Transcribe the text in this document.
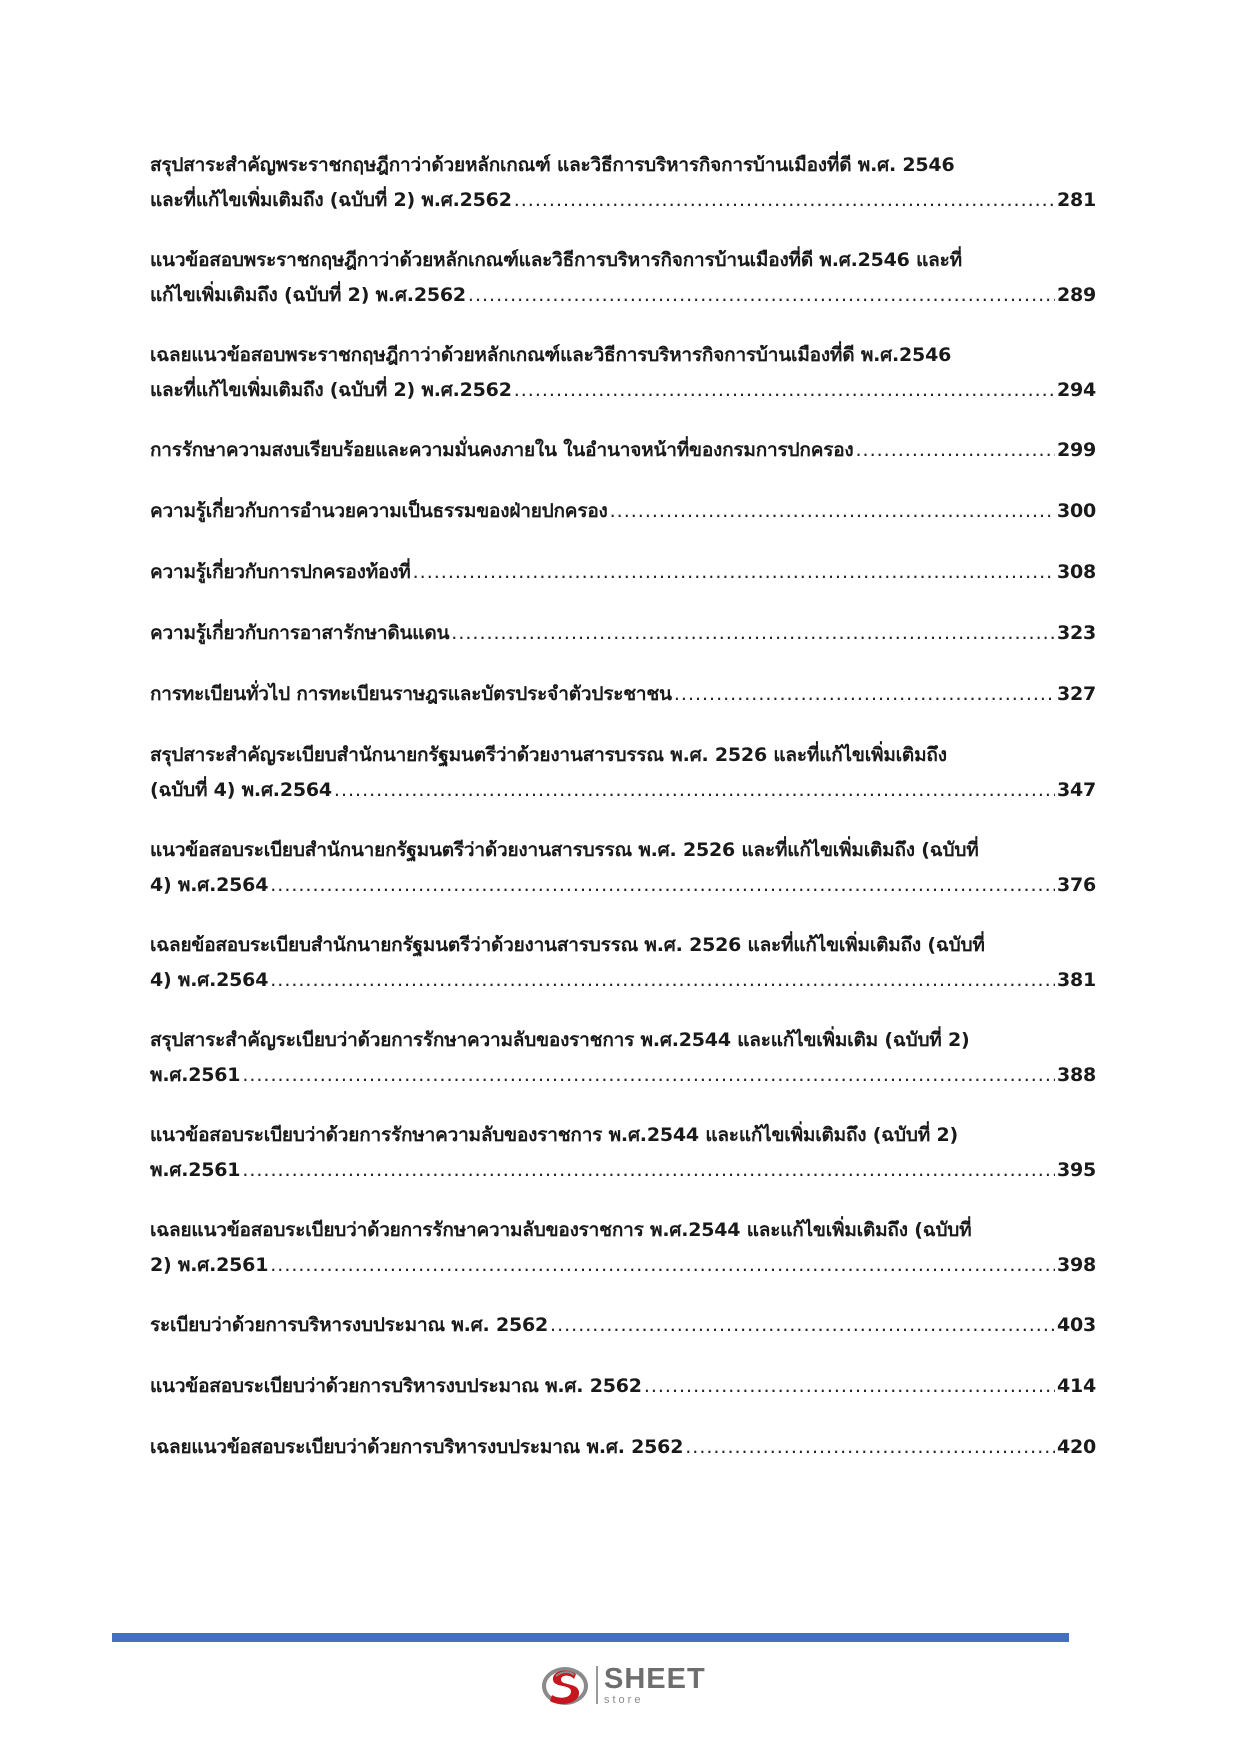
สรุปสาระสำคัญพระราชกฤษฎีกาว่าด้วยหลักเกณฑ์ และวิธีการบริหารกิจการบ้านเมืองที่ดี พ.ศ. 2546
และที่แก้ไขเพิ่มเติมถึง (ฉบับที่ 2) พ.ศ.2562 .....	281
แนวข้อสอบพระราชกฤษฎีกาว่าด้วยหลักเกณฑ์และวิธีการบริหารกิจการบ้านเมืองที่ดี พ.ศ.2546 และที่
แก้ไขเพิ่มเติมถึง (ฉบับที่ 2) พ.ศ.2562 .....	289
เฉลยแนวข้อสอบพระราชกฤษฎีกาว่าด้วยหลักเกณฑ์และวิธีการบริหารกิจการบ้านเมืองที่ดี พ.ศ.2546
และที่แก้ไขเพิ่มเติมถึง (ฉบับที่ 2) พ.ศ.2562 .....	294
การรักษาความสงบเรียบร้อยและความมั่นคงภายใน ในอำนาจหน้าที่ของกรมการปกครอง .....	299
ความรู้เกี่ยวกับการอำนวยความเป็นธรรมของฝ่ายปกครอง .....	300
ความรู้เกี่ยวกับการปกครองท้องที่ .....	308
ความรู้เกี่ยวกับการอาสารักษาดินแดน .....	323
การทะเบียนทั่วไป การทะเบียนราษฎรและบัตรประจำตัวประชาชน .....	327
สรุปสาระสำคัญระเบียบสำนักนายกรัฐมนตรีว่าด้วยงานสารบรรณ พ.ศ. 2526 และที่แก้ไขเพิ่มเติมถึง
(ฉบับที่ 4) พ.ศ.2564 .....	347
แนวข้อสอบระเบียบสำนักนายกรัฐมนตรีว่าด้วยงานสารบรรณ พ.ศ. 2526 และที่แก้ไขเพิ่มเติมถึง (ฉบับที่
4) พ.ศ.2564 .....	376
เฉลยข้อสอบระเบียบสำนักนายกรัฐมนตรีว่าด้วยงานสารบรรณ พ.ศ. 2526 และที่แก้ไขเพิ่มเติมถึง (ฉบับที่
4) พ.ศ.2564 .....	381
สรุปสาระสำคัญระเบียบว่าด้วยการรักษาความลับของราชการ พ.ศ.2544 และแก้ไขเพิ่มเติม (ฉบับที่ 2)
พ.ศ.2561 .....	388
แนวข้อสอบระเบียบว่าด้วยการรักษาความลับของราชการ พ.ศ.2544 และแก้ไขเพิ่มเติมถึง (ฉบับที่ 2)
พ.ศ.2561 .....	395
เฉลยแนวข้อสอบระเบียบว่าด้วยการรักษาความลับของราชการ พ.ศ.2544 และแก้ไขเพิ่มเติมถึง (ฉบับที่
2) พ.ศ.2561 .....	398
ระเบียบว่าด้วยการบริหารงบประมาณ พ.ศ. 2562 .....	403
แนวข้อสอบระเบียบว่าด้วยการบริหารงบประมาณ พ.ศ. 2562 .....	414
เฉลยแนวข้อสอบระเบียบว่าด้วยการบริหารงบประมาณ พ.ศ. 2562 .....	420
SHEET
store
